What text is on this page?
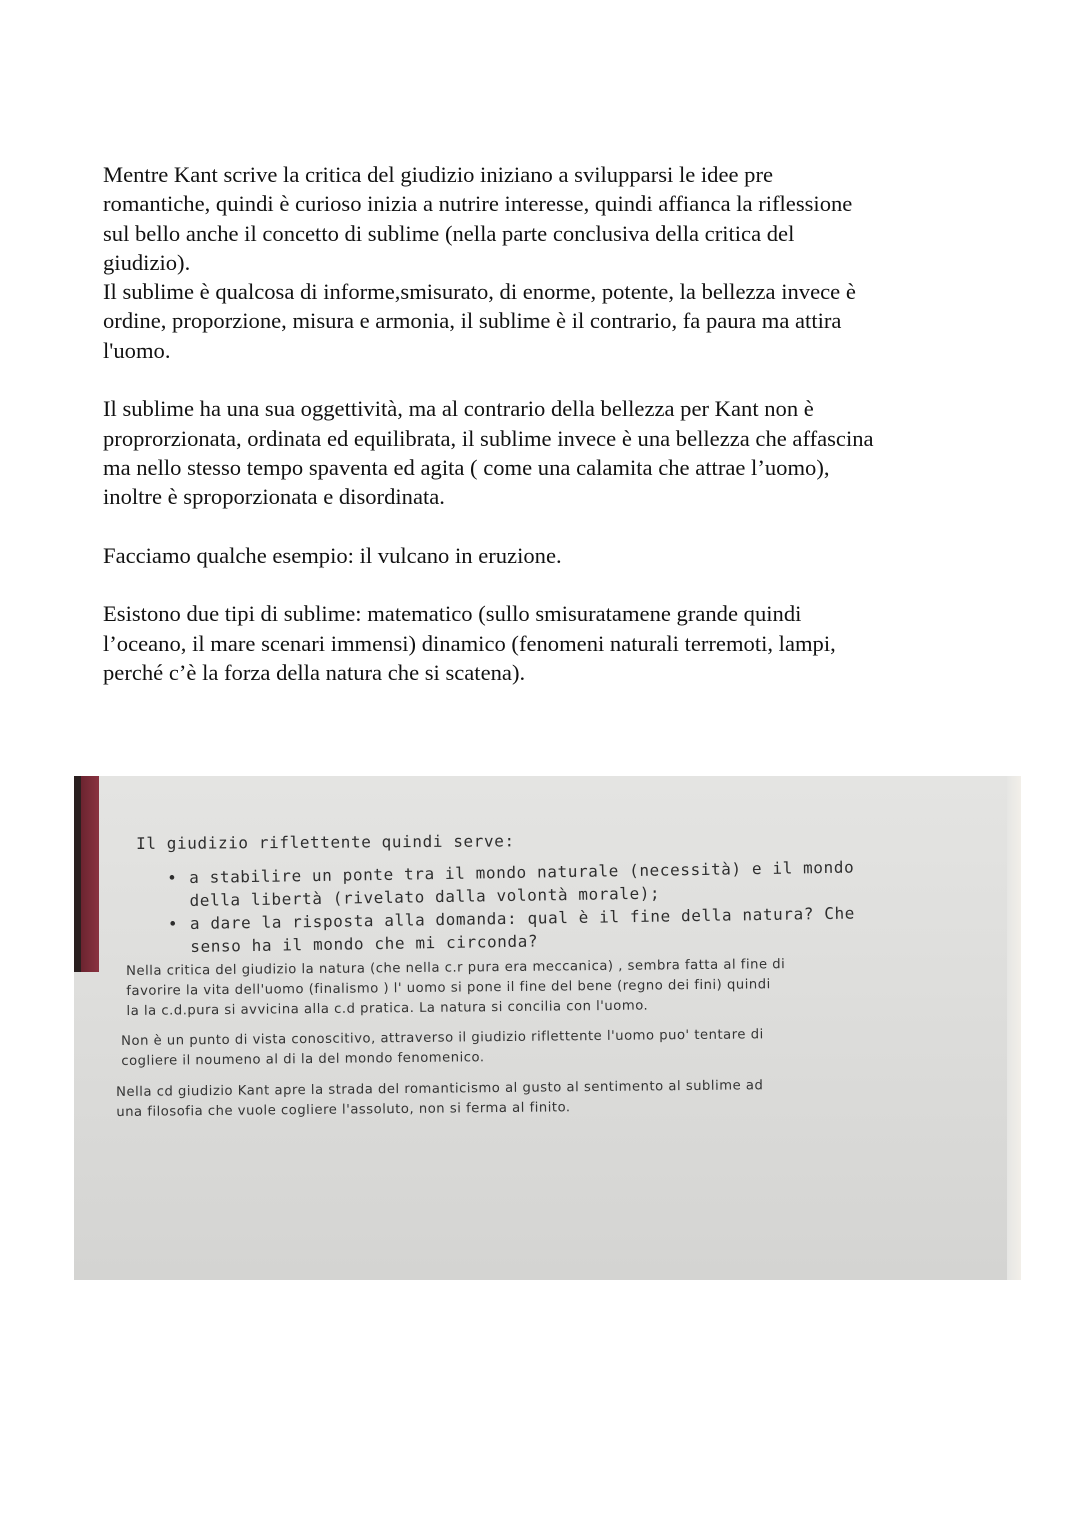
Mentre Kant scrive la critica del giudizio iniziano a svilupparsi le idee pre

romantiche, quindi è curioso inizia a nutrire interesse, quindi affianca la riflessione

sul bello anche il concetto di sublime (nella parte conclusiva della critica del

giudizio).

Il sublime è qualcosa di informe,smisurato, di enorme, potente, la bellezza invece è

ordine, proporzione, misura e armonia, il sublime è il contrario, fa paura ma attira

l'uomo.

Il sublime ha una sua oggettività, ma al contrario della bellezza per Kant non è

proprorzionata, ordinata ed equilibrata, il sublime invece è una bellezza che affascina

ma nello stesso tempo spaventa ed agita ( come una calamita che attrae l’uomo),

inoltre è sproporzionata e disordinata.

Facciamo qualche esempio: il vulcano in eruzione.

Esistono due tipi di sublime: matematico (sullo smisuratamene grande quindi

l’oceano, il mare scenari immensi) dinamico (fenomeni naturali terremoti, lampi,

perché c’è la forza della natura che si scatena).

Il giudizio riflettente quindi serve:
• a stabilire un ponte tra il mondo naturale (necessità) e il mondo
della libertà (rivelato dalla volontà morale);
• a dare la risposta alla domanda: qual è il fine della natura? Che
senso ha il mondo che mi circonda?
Nella critica del giudizio la natura (che nella c.r pura era meccanica) , sembra fatta al fine di
favorire la vita dell'uomo (finalismo ) l' uomo si pone il fine del bene (regno dei fini) quindi
la la c.d.pura si avvicina alla c.d pratica. La natura si concilia con l'uomo.
Non è un punto di vista conoscitivo, attraverso il giudizio riflettente l'uomo puo' tentare di
cogliere il noumeno al di la del mondo fenomenico.
Nella cd giudizio Kant apre la strada del romanticismo al gusto al sentimento al sublime ad
una filosofia che vuole cogliere l'assoluto, non si ferma al finito.
